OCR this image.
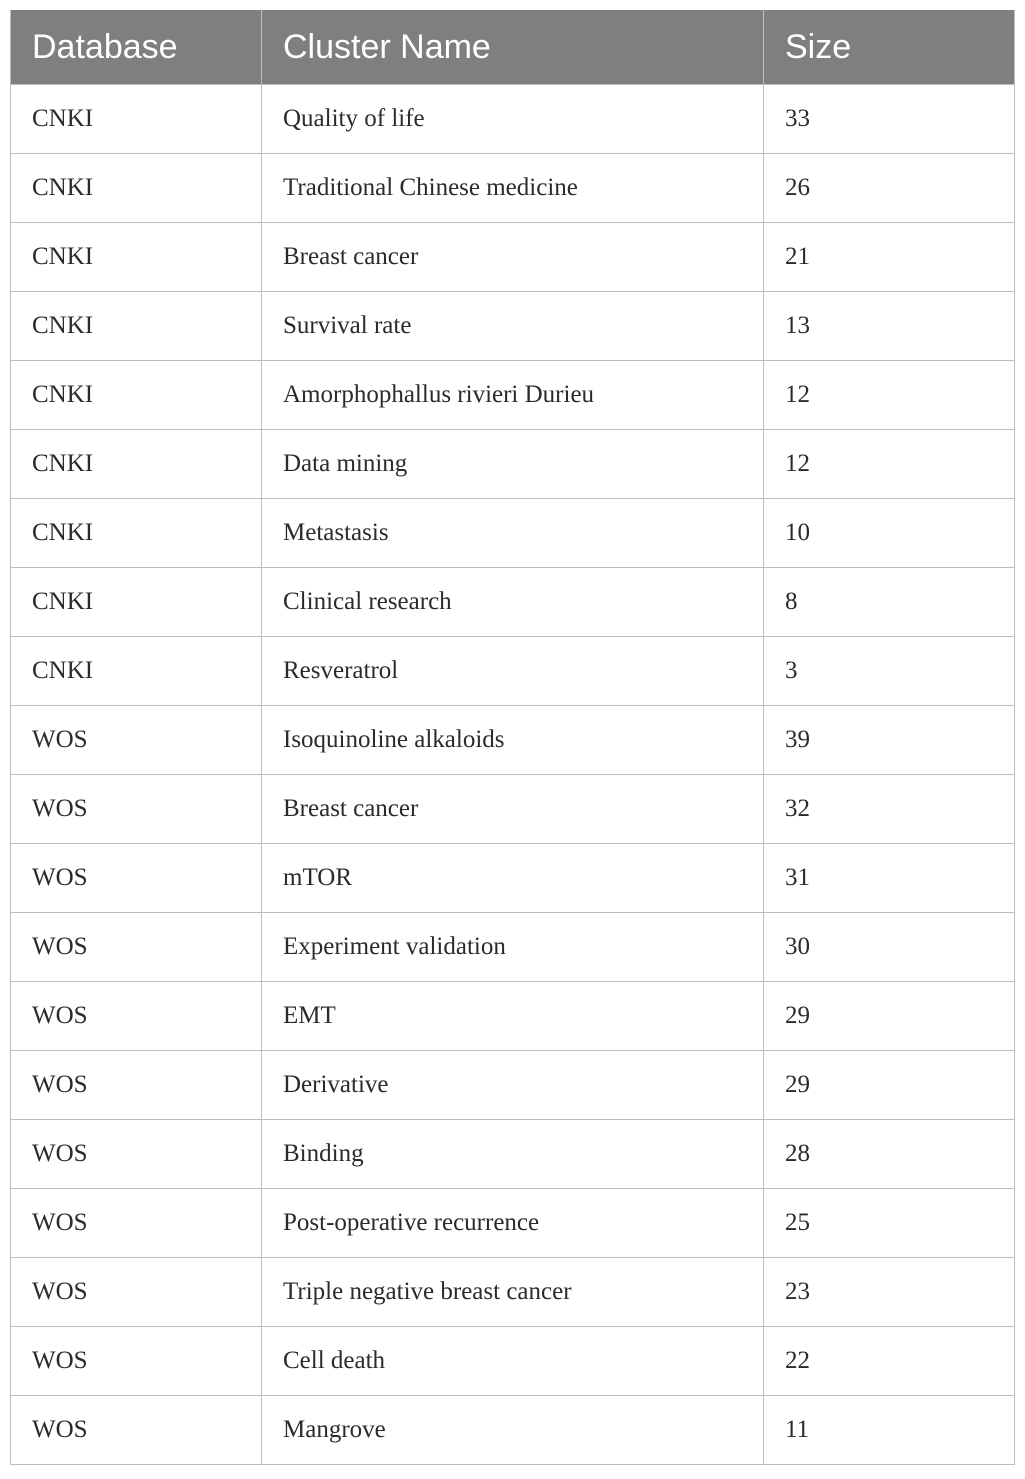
Database	Cluster Name	Size
CNKI	Quality of life	33
CNKI	Traditional Chinese medicine	26
CNKI	Breast cancer	21
CNKI	Survival rate	13
CNKI	Amorphophallus rivieri Durieu	12
CNKI	Data mining	12
CNKI	Metastasis	10
CNKI	Clinical research	8
CNKI	Resveratrol	3
WOS	Isoquinoline alkaloids	39
WOS	Breast cancer	32
WOS	mTOR	31
WOS	Experiment validation	30
WOS	EMT	29
WOS	Derivative	29
WOS	Binding	28
WOS	Post-operative recurrence	25
WOS	Triple negative breast cancer	23
WOS	Cell death	22
WOS	Mangrove	11
